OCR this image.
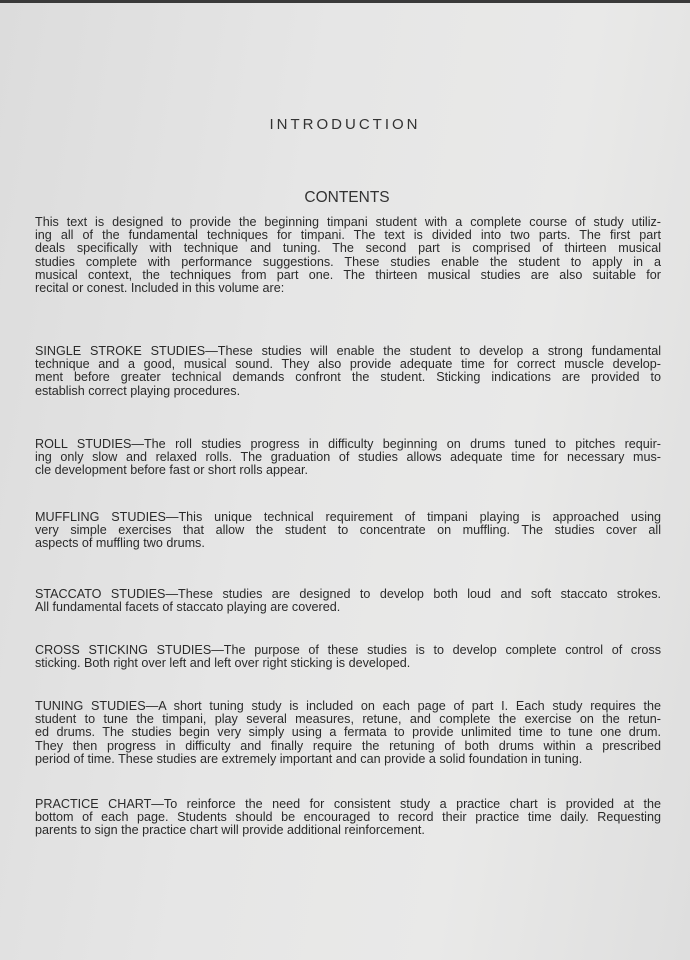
INTRODUCTION
CONTENTS
This text is designed to provide the beginning timpani student with a complete course of study utiliz-
ing all of the fundamental techniques for timpani. The text is divided into two parts. The first part
deals specifically with technique and tuning. The second part is comprised of thirteen musical
studies complete with performance suggestions. These studies enable the student to apply in a
musical context, the techniques from part one. The thirteen musical studies are also suitable for
recital or conest. Included in this volume are:
SINGLE STROKE STUDIES—These studies will enable the student to develop a strong fundamental
technique and a good, musical sound. They also provide adequate time for correct muscle develop-
ment before greater technical demands confront the student. Sticking indications are provided to
establish correct playing procedures.
ROLL STUDIES—The roll studies progress in difficulty beginning on drums tuned to pitches requir-
ing only slow and relaxed rolls. The graduation of studies allows adequate time for necessary mus-
cle development before fast or short rolls appear.
MUFFLING STUDIES—This unique technical requirement of timpani playing is approached using
very simple exercises that allow the student to concentrate on muffling. The studies cover all
aspects of muffling two drums.
STACCATO STUDIES—These studies are designed to develop both loud and soft staccato strokes.
All fundamental facets of staccato playing are covered.
CROSS STICKING STUDIES—The purpose of these studies is to develop complete control of cross
sticking. Both right over left and left over right sticking is developed.
TUNING STUDIES—A short tuning study is included on each page of part I. Each study requires the
student to tune the timpani, play several measures, retune, and complete the exercise on the retun-
ed drums. The studies begin very simply using a fermata to provide unlimited time to tune one drum.
They then progress in difficulty and finally require the retuning of both drums within a prescribed
period of time. These studies are extremely important and can provide a solid foundation in tuning.
PRACTICE CHART—To reinforce the need for consistent study a practice chart is provided at the
bottom of each page. Students should be encouraged to record their practice time daily. Requesting
parents to sign the practice chart will provide additional reinforcement.
